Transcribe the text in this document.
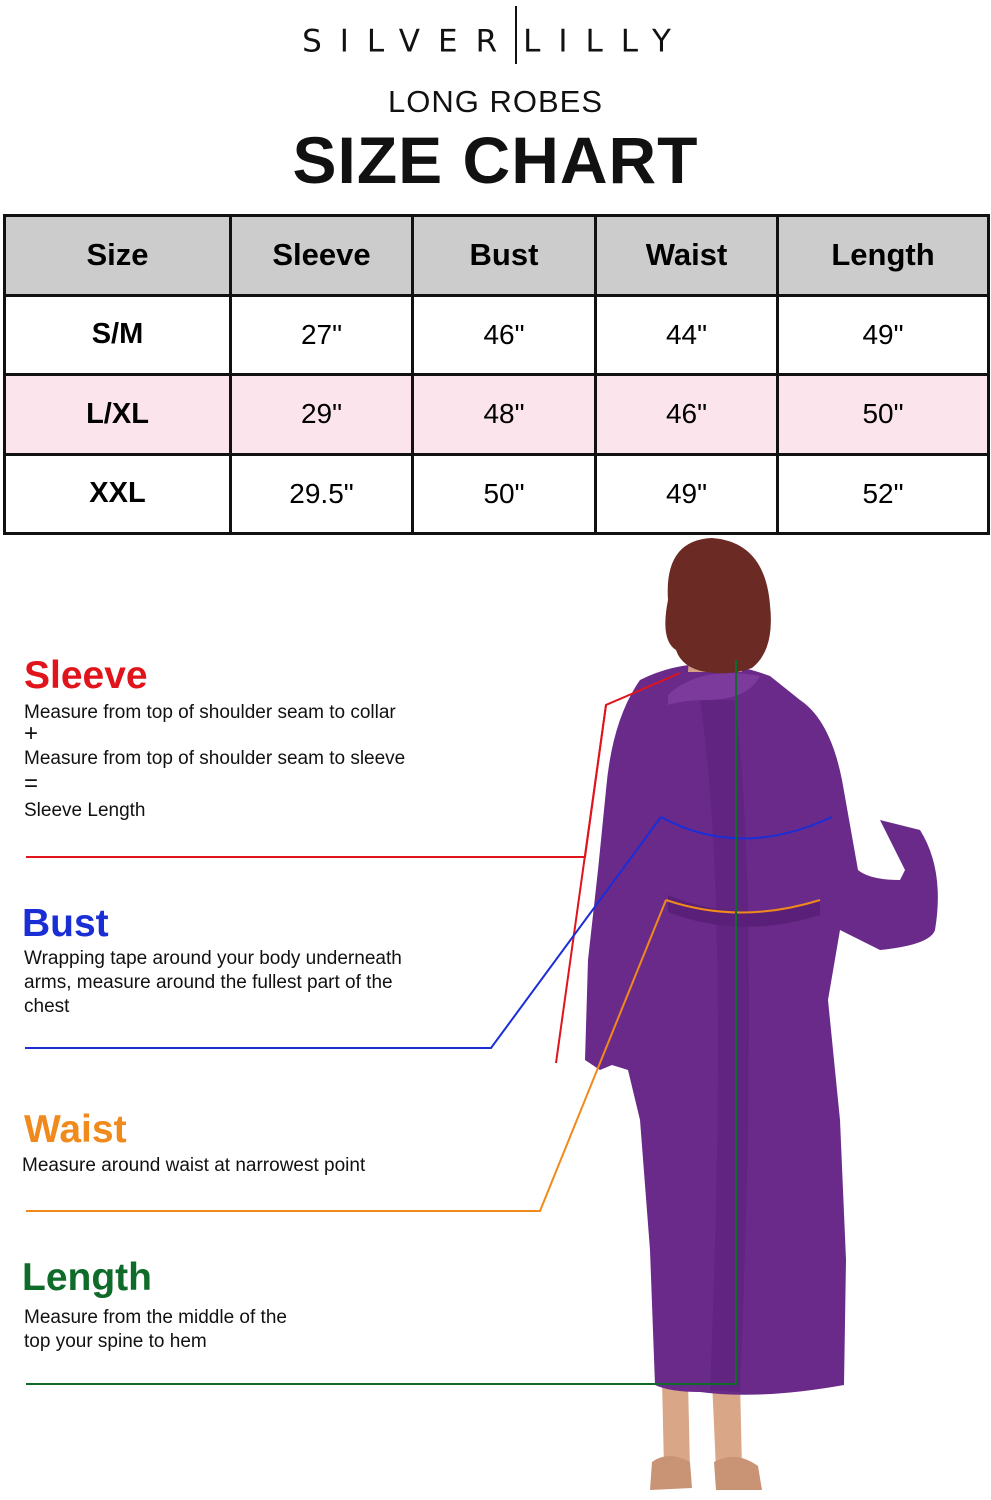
SILVER LILLY
LONG ROBES
SIZE CHART
Size	Sleeve	Bust	Waist	Length
S/M	27"	46"	44"	49"
L/XL	29"	48"	46"	50"
XXL	29.5"	50"	49"	52"
Sleeve
Measure from top of shoulder seam to collar
+
Measure from top of shoulder seam to sleeve
=
Sleeve Length
Bust
Wrapping tape around your body underneath
arms, measure around the fullest part of the
chest
Waist
Measure around waist at narrowest point
Length
Measure from the middle of the
top your spine to hem
